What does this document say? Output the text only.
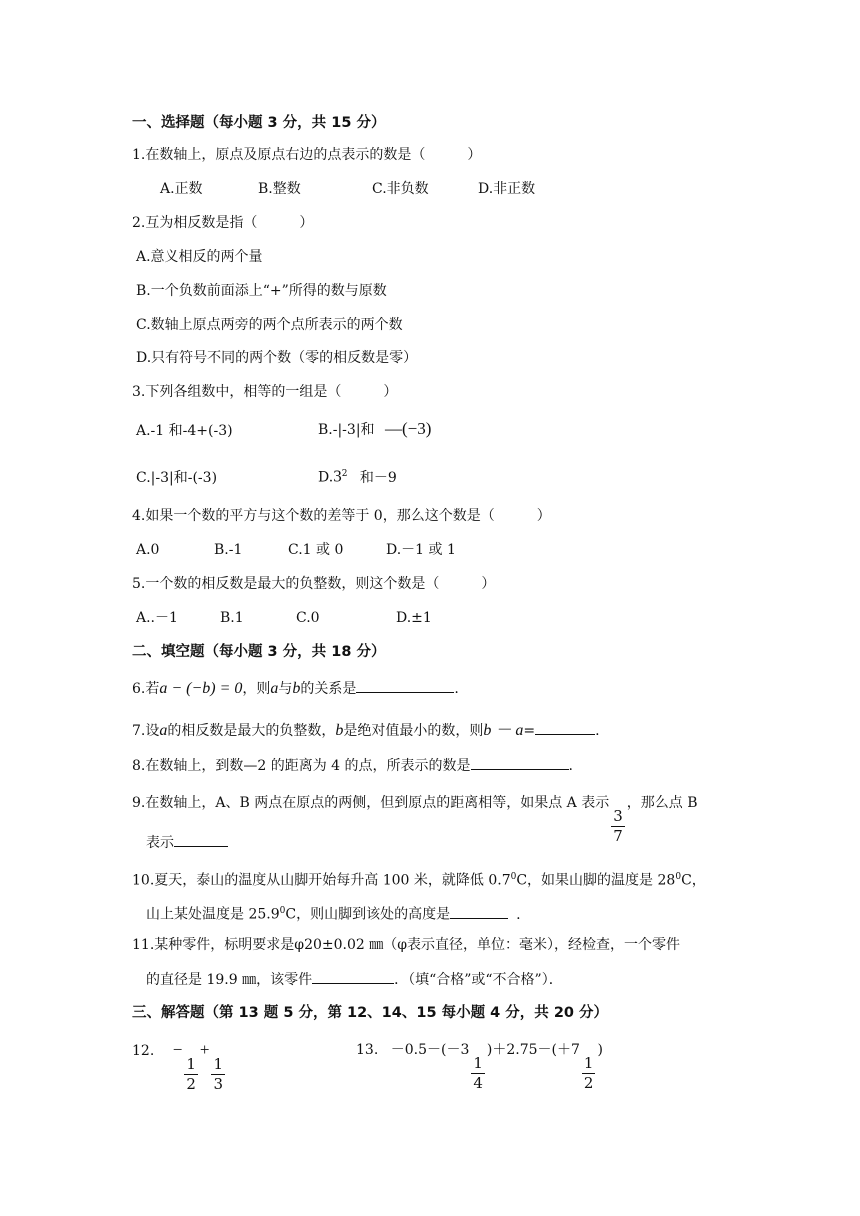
一、选择题（每小题 3 分，共 15 分）
1.在数轴上，原点及原点右边的点表示的数是（　　　）
A.正数	B.整数	C.非负数	D.非正数
2.互为相反数是指（　　　）
A.意义相反的两个量
B.一个负数前面添上“+”所得的数与原数
C.数轴上原点两旁的两个点所表示的两个数
D.只有符号不同的两个数（零的相反数是零）
3.下列各组数中，相等的一组是（　　　）
A.-1 和-4+(-3)	B.-|-3|和 —(−3)
C.|-3|和-(-3)	$D.3^2$ 和－9
4.如果一个数的平方与这个数的差等于 0，那么这个数是（　　　）
A.0	B.-1	C.1 或 0	D.－1 或 1
5.一个数的相反数是最大的负整数，则这个数是（　　　）
A..－1	B.1	C.0	D.±1
二、填空题（每小题 3 分，共 18 分）
6.若a − (−b) = 0，则a与b的关系是	.
7.设a的相反数是最大的负整数，b是绝对值最小的数，则b － a=	.
8.在数轴上，到数—2 的距离为 4 的点，所表示的数是	.
9.在数轴上，A、B 两点在原点的两侧，但到原点的距离相等，如果点 A 表示
$\frac{3}{7}$
，那么点 B
表示
10.夏天，泰山的温度从山脚开始每升高 100 米，就降低 $0.7^0C$，如果山脚的温度是 $28^0C$，
山上某处温度是 25.9$^0$C，则山脚到该处的高度是	.
11.某种零件，标明要求是φ20±0.02 ㎜（φ表示直径，单位：毫米），经检查，一个零件
的直径是 19.9 ㎜，该零件	．（填“合格”或“不合格”）．
三、解答题（第 13 题 5 分，第 12、14、15 每小题 4 分，共 20 分）
12. −
$\frac{1}{2}$
+
$\frac{1}{3}$
13. －0.5－(－3
$\frac{1}{4}$
)＋2.75－(＋7
$\frac{1}{2}$
)
